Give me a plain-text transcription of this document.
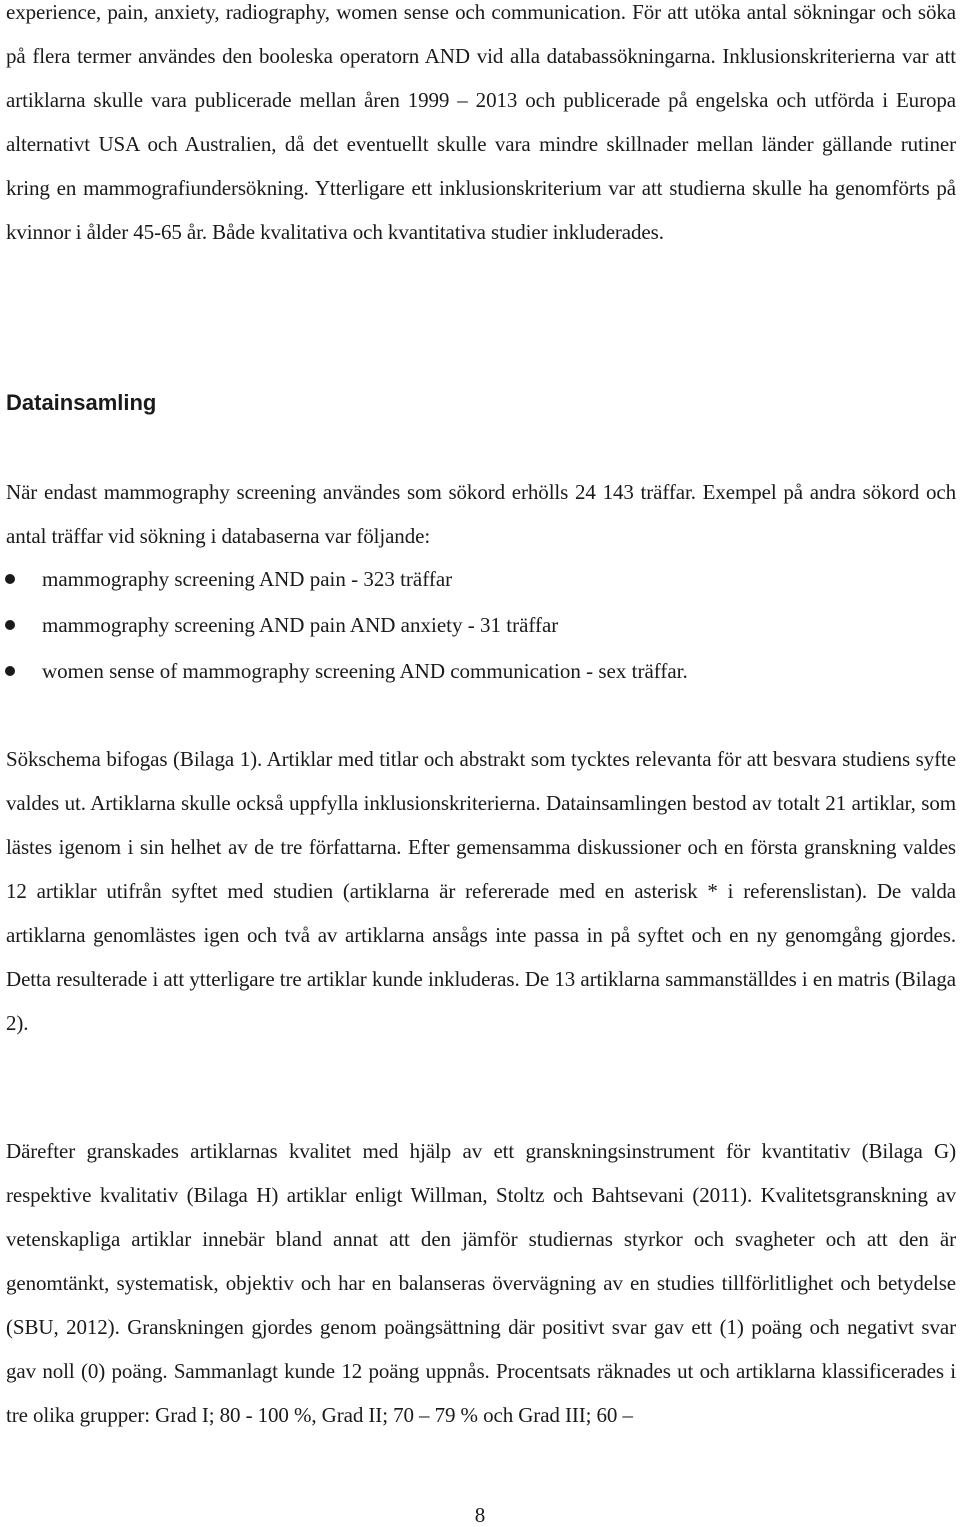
experience, pain, anxiety, radiography, women sense och communication. För att utöka antal sökningar och söka på flera termer användes den booleska operatorn AND vid alla databassökningarna. Inklusionskriterierna var att artiklarna skulle vara publicerade mellan åren 1999 – 2013 och publicerade på engelska och utförda i Europa alternativt USA och Australien, då det eventuellt skulle vara mindre skillnader mellan länder gällande rutiner kring en mammografiundersökning. Ytterligare ett inklusionskriterium var att studierna skulle ha genomförts på kvinnor i ålder 45-65 år. Både kvalitativa och kvantitativa studier inkluderades.

Datainsamling

När endast mammography screening användes som sökord erhölls 24 143 träffar. Exempel på andra sökord och antal träffar vid sökning i databaserna var följande:

mammography screening AND pain - 323 träffar
mammography screening AND pain AND anxiety - 31 träffar
women sense of mammography screening AND communication - sex träffar.

Sökschema bifogas (Bilaga 1). Artiklar med titlar och abstrakt som tycktes relevanta för att besvara studiens syfte valdes ut. Artiklarna skulle också uppfylla inklusionskriterierna. Datainsamlingen bestod av totalt 21 artiklar, som lästes igenom i sin helhet av de tre författarna. Efter gemensamma diskussioner och en första granskning valdes 12 artiklar utifrån syftet med studien (artiklarna är refererade med en asterisk * i referenslistan). De valda artiklarna genomlästes igen och två av artiklarna ansågs inte passa in på syftet och en ny genomgång gjordes. Detta resulterade i att ytterligare tre artiklar kunde inkluderas. De 13 artiklarna sammanställdes i en matris (Bilaga 2).

Därefter granskades artiklarnas kvalitet med hjälp av ett granskningsinstrument för kvantitativ (Bilaga G) respektive kvalitativ (Bilaga H) artiklar enligt Willman, Stoltz och Bahtsevani (2011). Kvalitetsgranskning av vetenskapliga artiklar innebär bland annat att den jämför studiernas styrkor och svagheter och att den är genomtänkt, systematisk, objektiv och har en balanseras övervägning av en studies tillförlitlighet och betydelse (SBU, 2012). Granskningen gjordes genom poängsättning där positivt svar gav ett (1) poäng och negativt svar gav noll (0) poäng. Sammanlagt kunde 12 poäng uppnås. Procentsats räknades ut och artiklarna klassificerades i tre olika grupper: Grad I; 80 - 100 %, Grad II; 70 – 79 % och Grad III; 60 –

8
